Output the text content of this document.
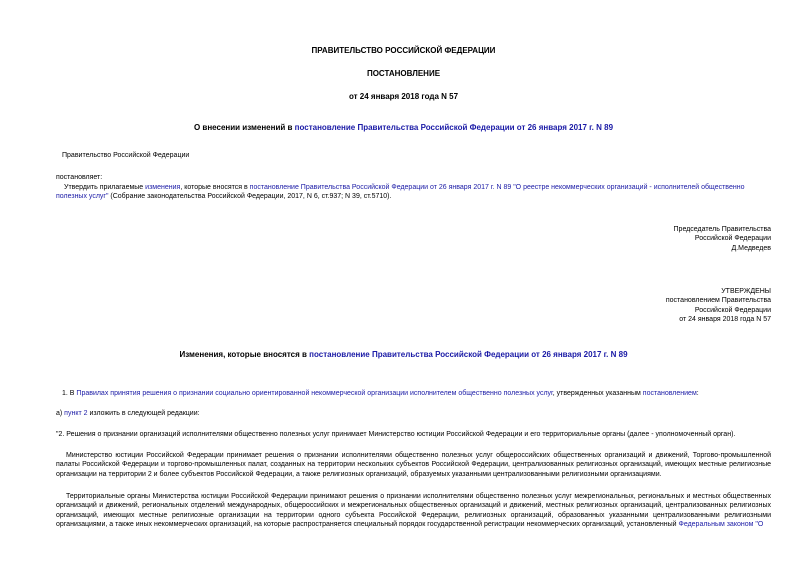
ПРАВИТЕЛЬСТВО РОССИЙСКОЙ ФЕДЕРАЦИИ
ПОСТАНОВЛЕНИЕ
от 24 января 2018 года N 57
О внесении изменений в постановление Правительства Российской Федерации от 26 января 2017 г. N 89
Правительство Российской Федерации
постановляет:
Утвердить прилагаемые изменения, которые вносятся в постановление Правительства Российской Федерации от 26 января 2017 г. N 89 "О реестре некоммерческих организаций - исполнителей общественно полезных услуг" (Собрание законодательства Российской Федерации, 2017, N 6, ст.937; N 39, ст.5710).

Председатель Правительства

Российской Федерации

Д.Медведев

УТВЕРЖДЕНЫ

постановлением Правительства

Российской Федерации

от 24 января 2018 года N 57

Изменения, которые вносятся в постановление Правительства Российской Федерации от 26 января 2017 г. N 89
1. В Правилах принятия решения о признании социально ориентированной некоммерческой организации исполнителем общественно полезных услуг, утвержденных указанным постановлением:
а) пункт 2 изложить в следующей редакции:
"2. Решения о признании организаций исполнителями общественно полезных услуг принимает Министерство юстиции Российской Федерации и его территориальные органы (далее - уполномоченный орган).
Министерство юстиции Российской Федерации принимает решения о признании исполнителями общественно полезных услуг общероссийских общественных организаций и движений, Торгово-промышленной палаты Российской Федерации и торгово-промышленных палат, созданных на территории нескольких субъектов Российской Федерации, централизованных религиозных организаций, имеющих местные религиозные организации на территории 2 и более субъектов Российской Федерации, а также религиозных организаций, образуемых указанными централизованными религиозными организациями.
Территориальные органы Министерства юстиции Российской Федерации принимают решения о признании исполнителями общественно полезных услуг межрегиональных, региональных и местных общественных организаций и движений, региональных отделений международных, общероссийских и межрегиональных общественных организаций и движений, местных религиозных организаций, централизованных религиозных организаций, имеющих местные религиозные организации на территории одного субъекта Российской Федерации, религиозных организаций, образованных указанными централизованными религиозными организациями, а также иных некоммерческих организаций, на которые распространяется специальный порядок государственной регистрации некоммерческих организаций, установленный Федеральным законом "О
